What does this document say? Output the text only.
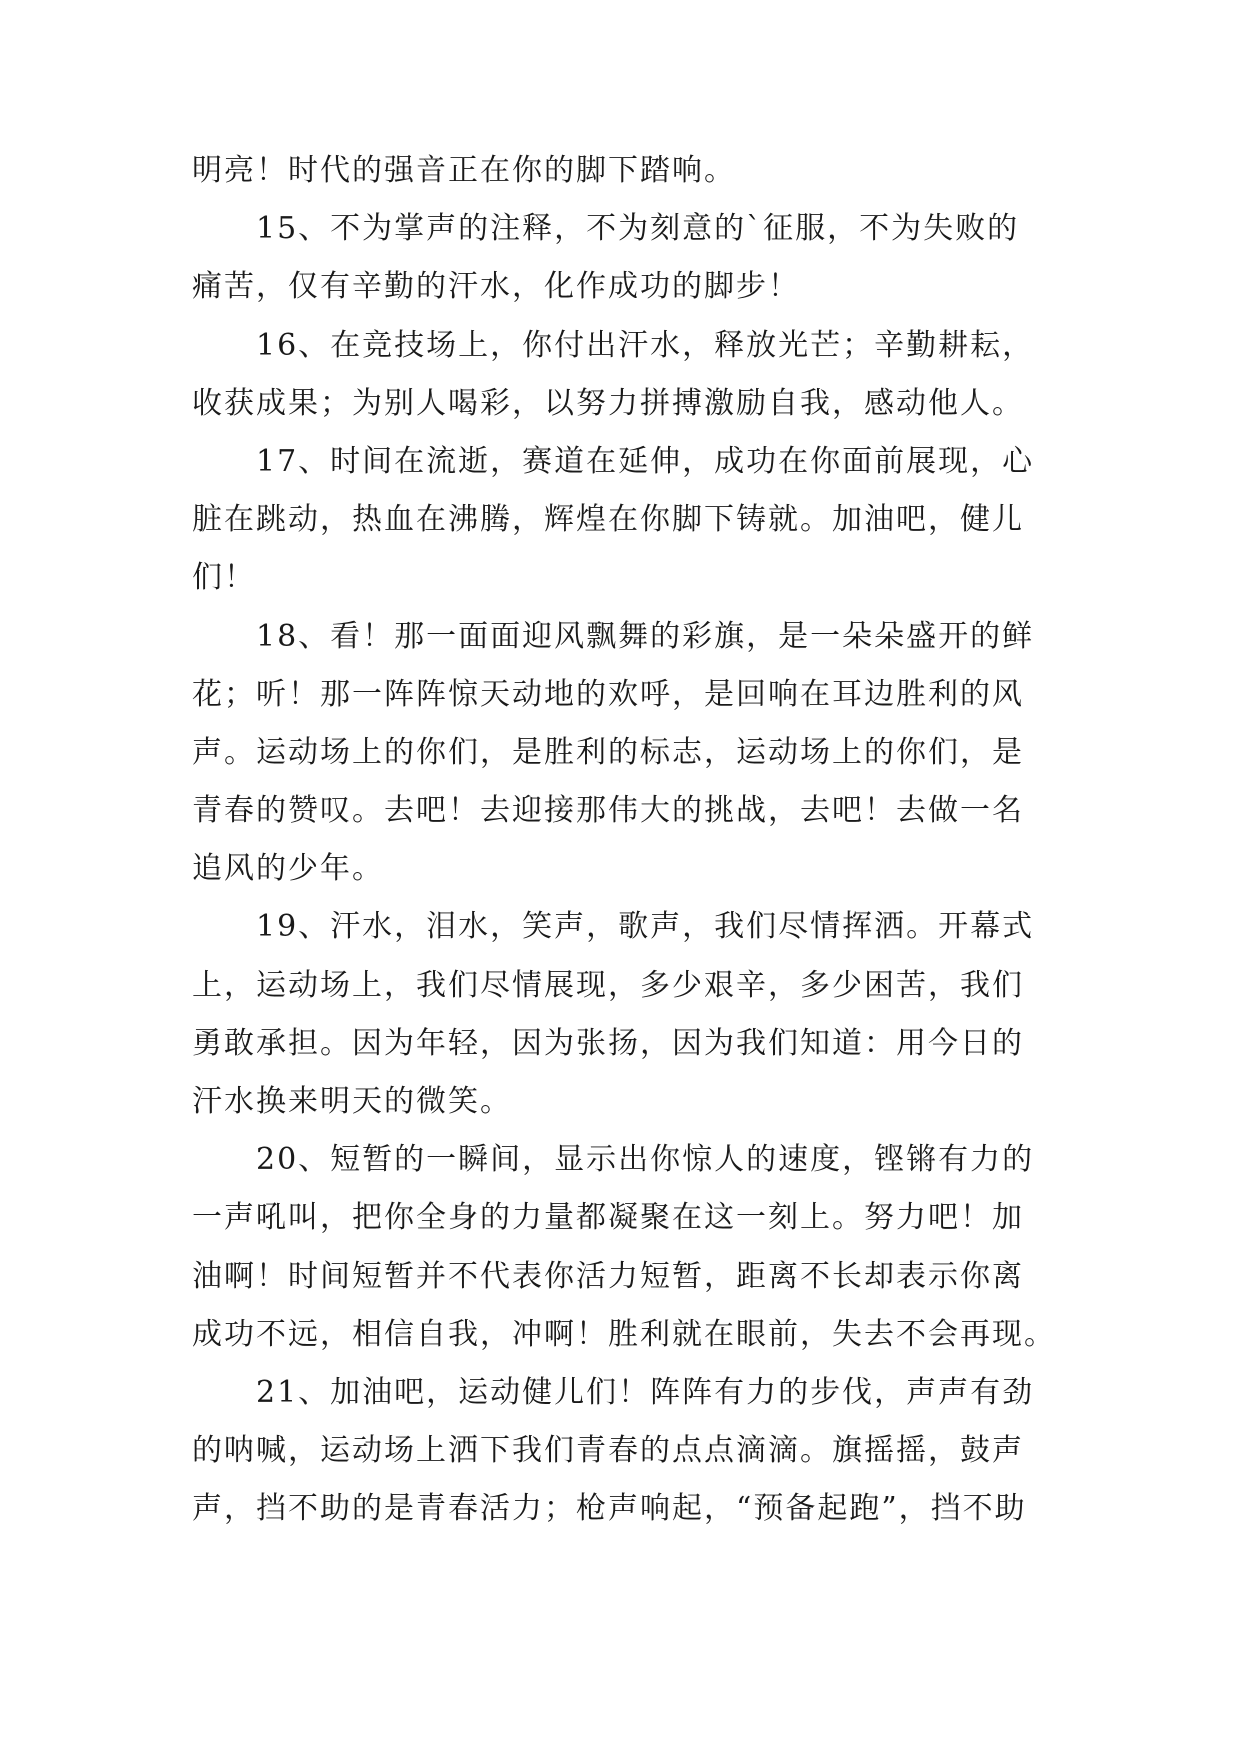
明亮！时代的强音正在你的脚下踏响。
15、不为掌声的注释，不为刻意的`征服，不为失败的
痛苦，仅有辛勤的汗水，化作成功的脚步！
16、在竞技场上，你付出汗水，释放光芒；辛勤耕耘，
收获成果；为别人喝彩，以努力拼搏激励自我，感动他人。
17、时间在流逝，赛道在延伸，成功在你面前展现，心
脏在跳动，热血在沸腾，辉煌在你脚下铸就。加油吧，健儿
们！
18、看！那一面面迎风飘舞的彩旗，是一朵朵盛开的鲜
花；听！那一阵阵惊天动地的欢呼，是回响在耳边胜利的风
声。运动场上的你们，是胜利的标志，运动场上的你们，是
青春的赞叹。去吧！去迎接那伟大的挑战，去吧！去做一名
追风的少年。
19、汗水，泪水，笑声，歌声，我们尽情挥洒。开幕式
上，运动场上，我们尽情展现，多少艰辛，多少困苦，我们
勇敢承担。因为年轻，因为张扬，因为我们知道：用今日的
汗水换来明天的微笑。
20、短暂的一瞬间，显示出你惊人的速度，铿锵有力的
一声吼叫，把你全身的力量都凝聚在这一刻上。努力吧！加
油啊！时间短暂并不代表你活力短暂，距离不长却表示你离
成功不远，相信自我，冲啊！胜利就在眼前，失去不会再现。
21、加油吧，运动健儿们！阵阵有力的步伐，声声有劲
的呐喊，运动场上洒下我们青春的点点滴滴。旗摇摇，鼓声
声，挡不助的是青春活力；枪声响起，“预备起跑”，挡不助
